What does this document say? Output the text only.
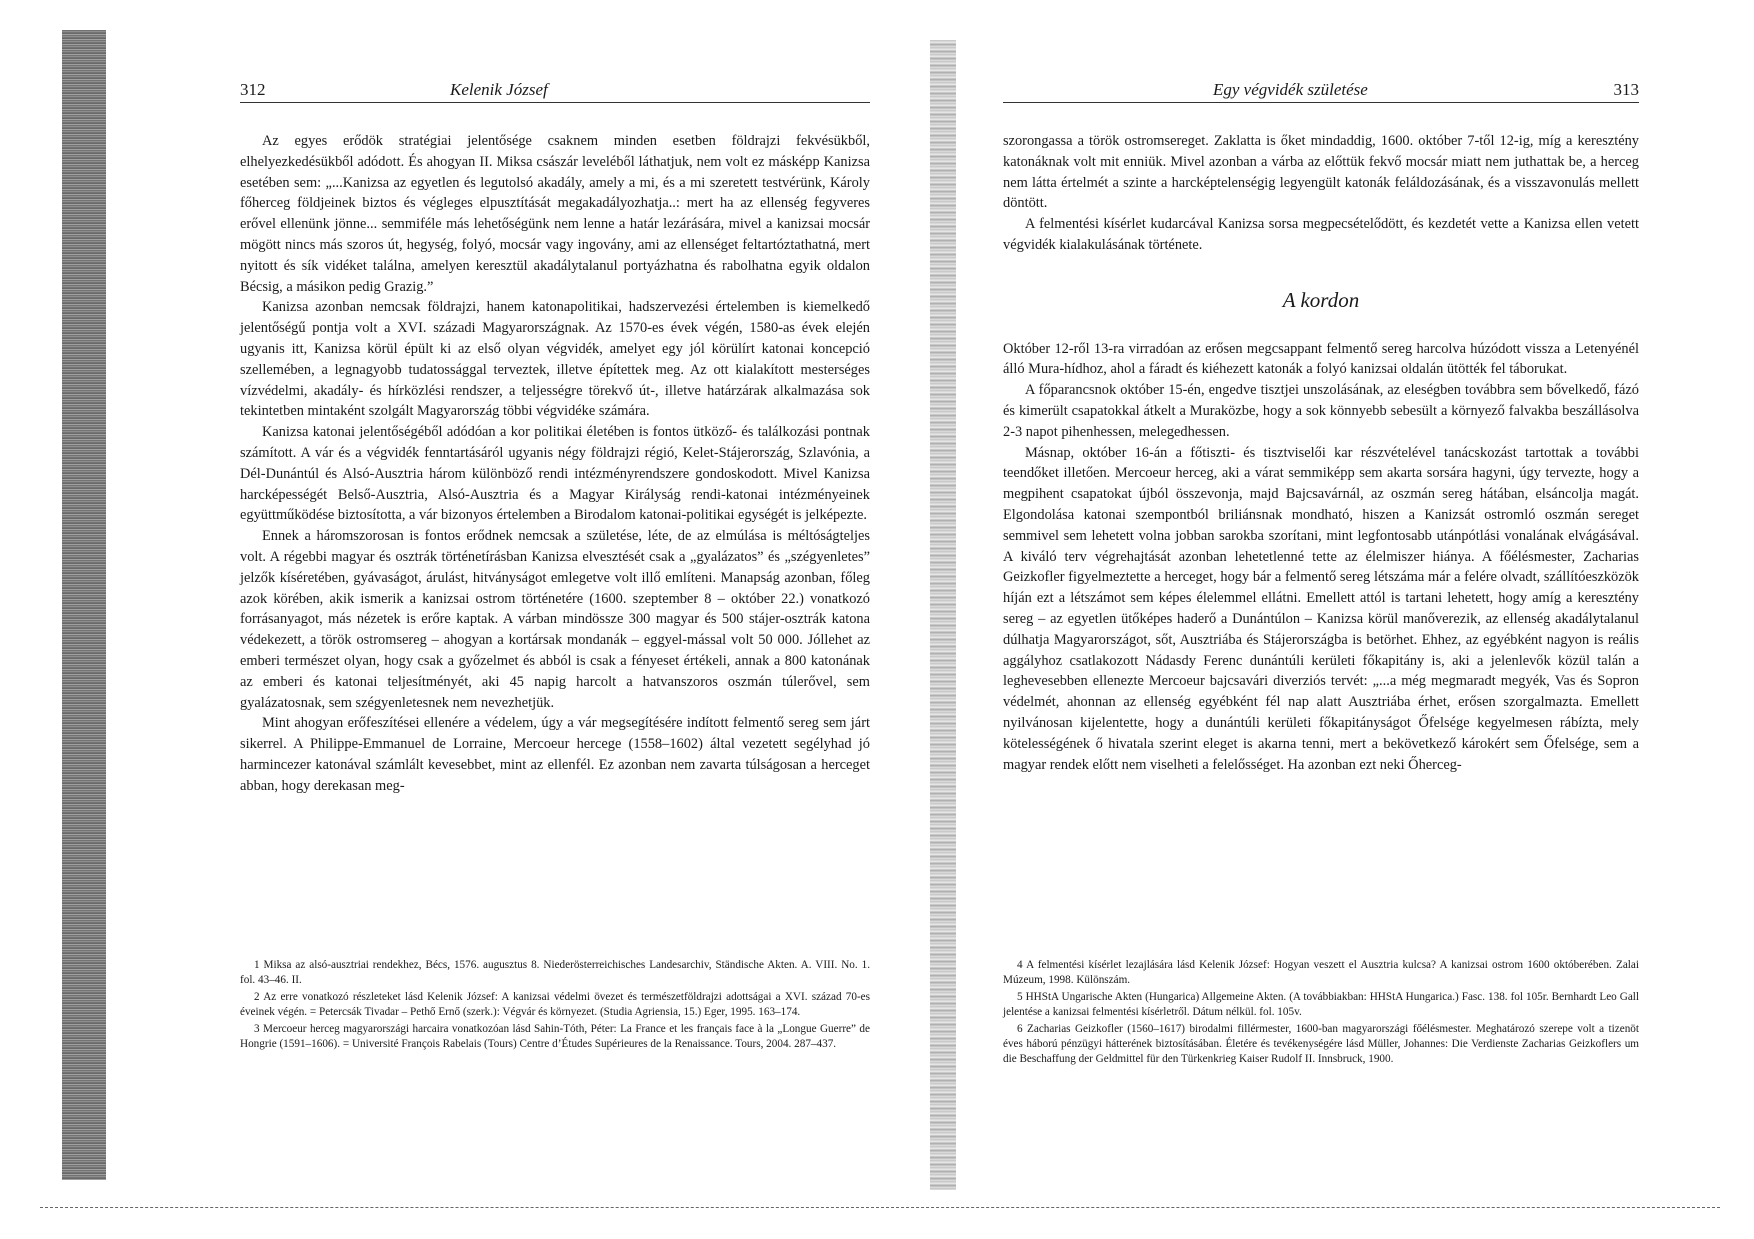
312	Kelenik József

Az egyes erődök stratégiai jelentősége csaknem minden esetben földrajzi fekvésükből, elhelyezkedésükből adódott. És ahogyan II. Miksa császár leveléből láthatjuk, nem volt ez másképp Kanizsa esetében sem: „...Kanizsa az egyetlen és legutolsó akadály, amely a mi, és a mi szeretett testvérünk, Károly főherceg földjeinek biztos és végleges elpusztítását megakadályozhatja..: mert ha az ellenség fegyveres erővel ellenünk jönne... semmiféle más lehetőségünk nem lenne a határ lezárására, mivel a kanizsai mocsár mögött nincs más szoros út, hegység, folyó, mocsár vagy ingovány, ami az ellenséget feltartóztathatná, mert nyitott és sík vidéket találna, amelyen keresztül akadálytalanul portyázhatna és rabolhatna egyik oldalon Bécsig, a másikon pedig Grazig.”

Kanizsa azonban nemcsak földrajzi, hanem katonapolitikai, hadszervezési értelemben is kiemelkedő jelentőségű pontja volt a XVI. századi Magyarországnak. Az 1570-es évek végén, 1580-as évek elején ugyanis itt, Kanizsa körül épült ki az első olyan végvidék, amelyet egy jól körülírt katonai koncepció szellemében, a legnagyobb tudatossággal terveztek, illetve építettek meg. Az ott kialakított mesterséges vízvédelmi, akadály- és hírközlési rendszer, a teljességre törekvő út-, illetve határzárak alkalmazása sok tekintetben mintaként szolgált Magyarország többi végvidéke számára.

Kanizsa katonai jelentőségéből adódóan a kor politikai életében is fontos ütköző- és találkozási pontnak számított. A vár és a végvidék fenntartásáról ugyanis négy földrajzi régió, Kelet-Stájerország, Szlavónia, a Dél-Dunántúl és Alsó-Ausztria három különböző rendi intézményrendszere gondoskodott. Mivel Kanizsa harcképességét Belső-Ausztria, Alsó-Ausztria és a Magyar Királyság rendi-katonai intézményeinek együttműködése biztosította, a vár bizonyos értelemben a Birodalom katonai-politikai egységét is jelképezte.

Ennek a háromszorosan is fontos erődnek nemcsak a születése, léte, de az elmúlása is méltóságteljes volt. A régebbi magyar és osztrák történetírásban Kanizsa elvesztését csak a „gyalázatos” és „szégyenletes” jelzők kíséretében, gyávaságot, árulást, hitványságot emlegetve volt illő említeni. Manapság azonban, főleg azok körében, akik ismerik a kanizsai ostrom történetére (1600. szeptember 8 – október 22.) vonatkozó forrásanyagot, más nézetek is erőre kaptak. A várban mindössze 300 magyar és 500 stájer-osztrák katona védekezett, a török ostromsereg – ahogyan a kortársak mondanák – eggyel-mással volt 50 000. Jóllehet az emberi természet olyan, hogy csak a győzelmet és abból is csak a fényeset értékeli, annak a 800 katonának az emberi és katonai teljesítményét, aki 45 napig harcolt a hatvanszoros oszmán túlerővel, sem gyalázatosnak, sem szégyenletesnek nem nevezhetjük.

Mint ahogyan erőfeszítései ellenére a védelem, úgy a vár megsegítésére indított felmentő sereg sem járt sikerrel. A Philippe-Emmanuel de Lorraine, Mercoeur hercege (1558–1602) által vezetett segélyhad jó harmincezer katonával számlált kevesebbet, mint az ellenfél. Ez azonban nem zavarta túlságosan a herceget abban, hogy derekasan meg-

1 Miksa az alsó-ausztriai rendekhez, Bécs, 1576. augusztus 8. Niederösterreichisches Landesarchiv, Ständische Akten. A. VIII. No. 1. fol. 43–46. II.

2 Az erre vonatkozó részleteket lásd Kelenik József: A kanizsai védelmi övezet és természetföldrajzi adottságai a XVI. század 70-es éveinek végén. = Petercsák Tivadar – Pethő Ernő (szerk.): Végvár és környezet. (Studia Agriensia, 15.) Eger, 1995. 163–174.

3 Mercoeur herceg magyarországi harcaira vonatkozóan lásd Sahin-Tóth, Péter: La France et les français face à la „Longue Guerre” de Hongrie (1591–1606). = Université François Rabelais (Tours) Centre d’Études Supérieures de la Renaissance. Tours, 2004. 287–437.

Egy végvidék születése	313

szorongassa a török ostromsereget. Zaklatta is őket mindaddig, 1600. október 7-től 12-ig, míg a keresztény katonáknak volt mit enniük. Mivel azonban a várba az előttük fekvő mocsár miatt nem juthattak be, a herceg nem látta értelmét a szinte a harcképtelenségig legyengült katonák feláldozásának, és a visszavonulás mellett döntött.

A felmentési kísérlet kudarcával Kanizsa sorsa megpecsételődött, és kezdetét vette a Kanizsa ellen vetett végvidék kialakulásának története.

A kordon

Október 12-ről 13-ra virradóan az erősen megcsappant felmentő sereg harcolva húzódott vissza a Letenyénél álló Mura-hídhoz, ahol a fáradt és kiéhezett katonák a folyó kanizsai oldalán ütötték fel táborukat.

A főparancsnok október 15-én, engedve tisztjei unszolásának, az eleségben továbbra sem bővelkedő, fázó és kimerült csapatokkal átkelt a Muraközbe, hogy a sok könnyebb sebesült a környező falvakba beszállásolva 2-3 napot pihenhessen, melegedhessen.

Másnap, október 16-án a főtiszti- és tisztviselői kar részvételével tanácskozást tartottak a további teendőket illetően. Mercoeur herceg, aki a várat semmiképp sem akarta sorsára hagyni, úgy tervezte, hogy a megpihent csapatokat újból összevonja, majd Bajcsavárnál, az oszmán sereg hátában, elsáncolja magát. Elgondolása katonai szempontból briliánsnak mondható, hiszen a Kanizsát ostromló oszmán sereget semmivel sem lehetett volna jobban sarokba szorítani, mint legfontosabb utánpótlási vonalának elvágásával. A kiváló terv végrehajtását azonban lehetetlenné tette az élelmiszer hiánya. A főélésmester, Zacharias Geizkofler figyelmeztette a herceget, hogy bár a felmentő sereg létszáma már a felére olvadt, szállítóeszközök híján ezt a létszámot sem képes élelemmel ellátni. Emellett attól is tartani lehetett, hogy amíg a keresztény sereg – az egyetlen ütőképes haderő a Dunántúlon – Kanizsa körül manőverezik, az ellenség akadálytalanul dúlhatja Magyarországot, sőt, Ausztriába és Stájerországba is betörhet. Ehhez, az egyébként nagyon is reális aggályhoz csatlakozott Nádasdy Ferenc dunántúli kerületi főkapitány is, aki a jelenlevők közül talán a leghevesebben ellenezte Mercoeur bajcsavári diverziós tervét: „...a még megmaradt megyék, Vas és Sopron védelmét, ahonnan az ellenség egyébként fél nap alatt Ausztriába érhet, erősen szorgalmazta. Emellett nyilvánosan kijelentette, hogy a dunántúli kerületi főkapitányságot Őfelsége kegyelmesen rábízta, mely kötelességének ő hivatala szerint eleget is akarna tenni, mert a bekövetkező károkért sem Őfelsége, sem a magyar rendek előtt nem viselheti a felelősséget. Ha azonban ezt neki Őherceg-

4 A felmentési kísérlet lezajlására lásd Kelenik József: Hogyan veszett el Ausztria kulcsa? A kanizsai ostrom 1600 októberében. Zalai Múzeum, 1998. Különszám.

5 HHStA Ungarische Akten (Hungarica) Allgemeine Akten. (A továbbiakban: HHStA Hungarica.) Fasc. 138. fol 105r. Bernhardt Leo Gall jelentése a kanizsai felmentési kísérletről. Dátum nélkül. fol. 105v.

6 Zacharias Geizkofler (1560–1617) birodalmi fillérmester, 1600-ban magyarországi főélésmester. Meghatározó szerepe volt a tizenöt éves háború pénzügyi hátterének biztosításában. Életére és tevékenységére lásd Müller, Johannes: Die Verdienste Zacharias Geizkoflers um die Beschaffung der Geldmittel für den Türkenkrieg Kaiser Rudolf II. Innsbruck, 1900.
